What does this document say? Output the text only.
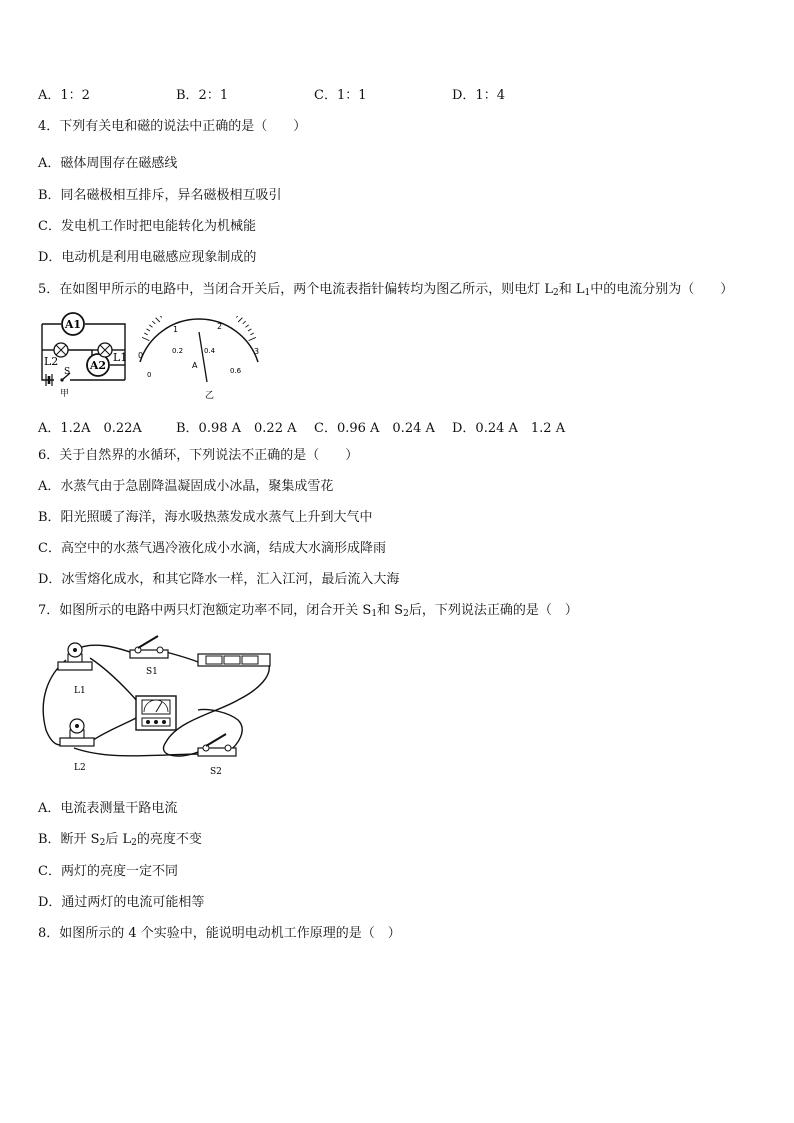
A．1：2	B．2：1	C．1：1	D．1：4
4．下列有关电和磁的说法中正确的是（　　）
A．磁体周围存在磁感线
B．同名磁极相互排斥，异名磁极相互吸引
C．发电机工作时把电能转化为机械能
D．电动机是利用电磁感应现象制成的
5．在如图甲所示的电路中，当闭合开关后，两个电流表指针偏转均为图乙所示，则电灯 $L_2$和 $L_1$中的电流分别为（　　）
A1
A2
L2	L1
S
甲
0
1	2
3
0
0.2	0.4
0.6
A
乙
A．1.2A　0.22A	B．0.98 A　0.22 A C．0.96 A　0.24 A D．0.24 A　1.2 A
6．关于自然界的水循环，下列说法不正确的是（　　）
A．水蒸气由于急剧降温凝固成小冰晶，聚集成雪花
B．阳光照暖了海洋，海水吸热蒸发成水蒸气上升到大气中
C．高空中的水蒸气遇冷液化成小水滴，结成大水滴形成降雨
D．冰雪熔化成水，和其它降水一样，汇入江河，最后流入大海
7．如图所示的电路中两只灯泡额定功率不同，闭合开关 $S_1$和 $S_2$后，下列说法正确的是（　）
L1
L2
S1
S2
A．电流表测量干路电流
B．断开 $S_2$后 $L_2$的亮度不变
C．两灯的亮度一定不同
D．通过两灯的电流可能相等
8．如图所示的 4 个实验中，能说明电动机工作原理的是（　）
